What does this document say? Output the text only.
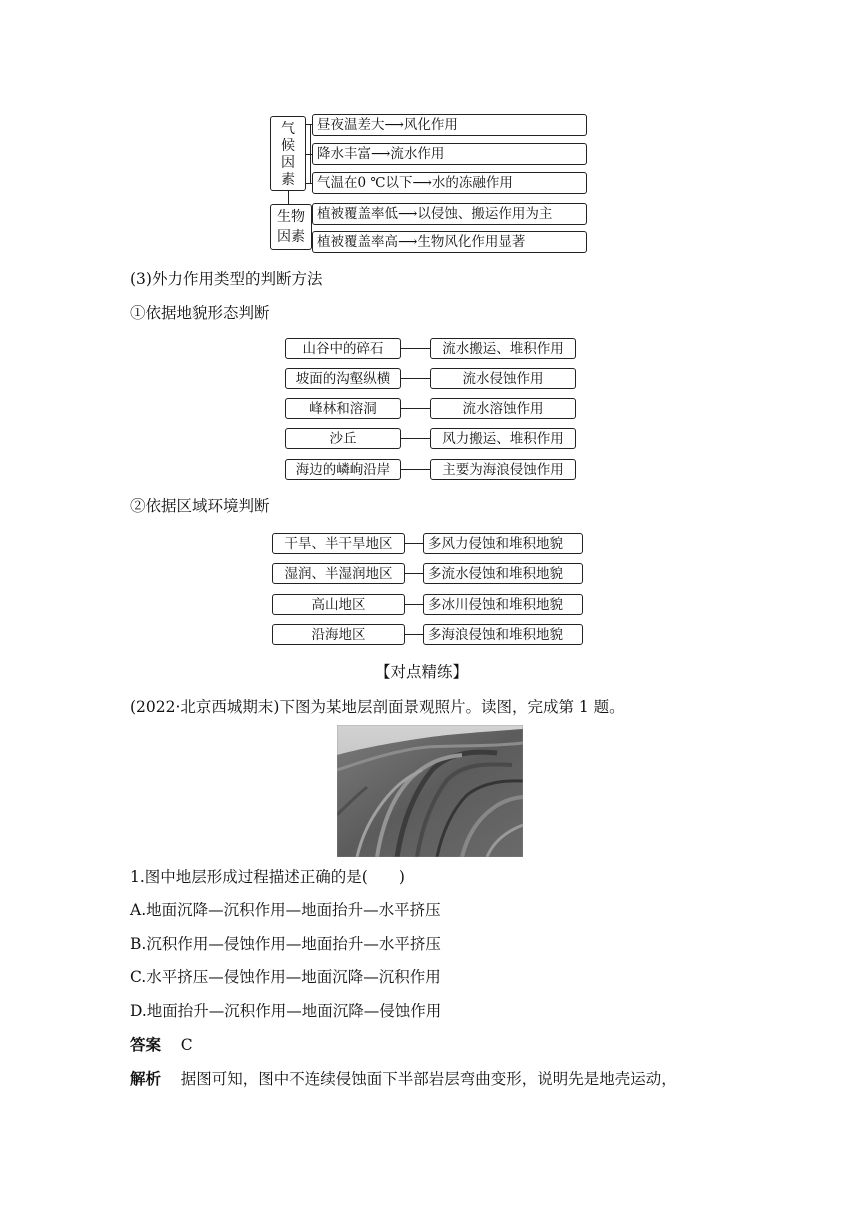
气
候
因
素
生物
因素
昼夜温差大⟶风化作用
降水丰富⟶流水作用
气温在0 ℃以下⟶水的冻融作用
植被覆盖率低⟶以侵蚀、搬运作用为主
植被覆盖率高⟶生物风化作用显著
(3)外力作用类型的判断方法
①依据地貌形态判断
山谷中的碎石	流水搬运、堆积作用
坡面的沟壑纵横	流水侵蚀作用
峰林和溶洞	流水溶蚀作用
沙丘	风力搬运、堆积作用
海边的嶙峋沿岸	主要为海浪侵蚀作用
②依据区域环境判断
干旱、半干旱地区	多风力侵蚀和堆积地貌
湿润、半湿润地区	多流水侵蚀和堆积地貌
高山地区	多冰川侵蚀和堆积地貌
沿海地区	多海浪侵蚀和堆积地貌
【对点精练】
(2022·北京西城期末)下图为某地层剖面景观照片。读图，完成第 1 题。
1.图中地层形成过程描述正确的是(　　)
A.地面沉降—沉积作用—地面抬升—水平挤压
B.沉积作用—侵蚀作用—地面抬升—水平挤压
C.水平挤压—侵蚀作用—地面沉降—沉积作用
D.地面抬升—沉积作用—地面沉降—侵蚀作用
答案 C
解析 据图可知，图中不连续侵蚀面下半部岩层弯曲变形，说明先是地壳运动，
